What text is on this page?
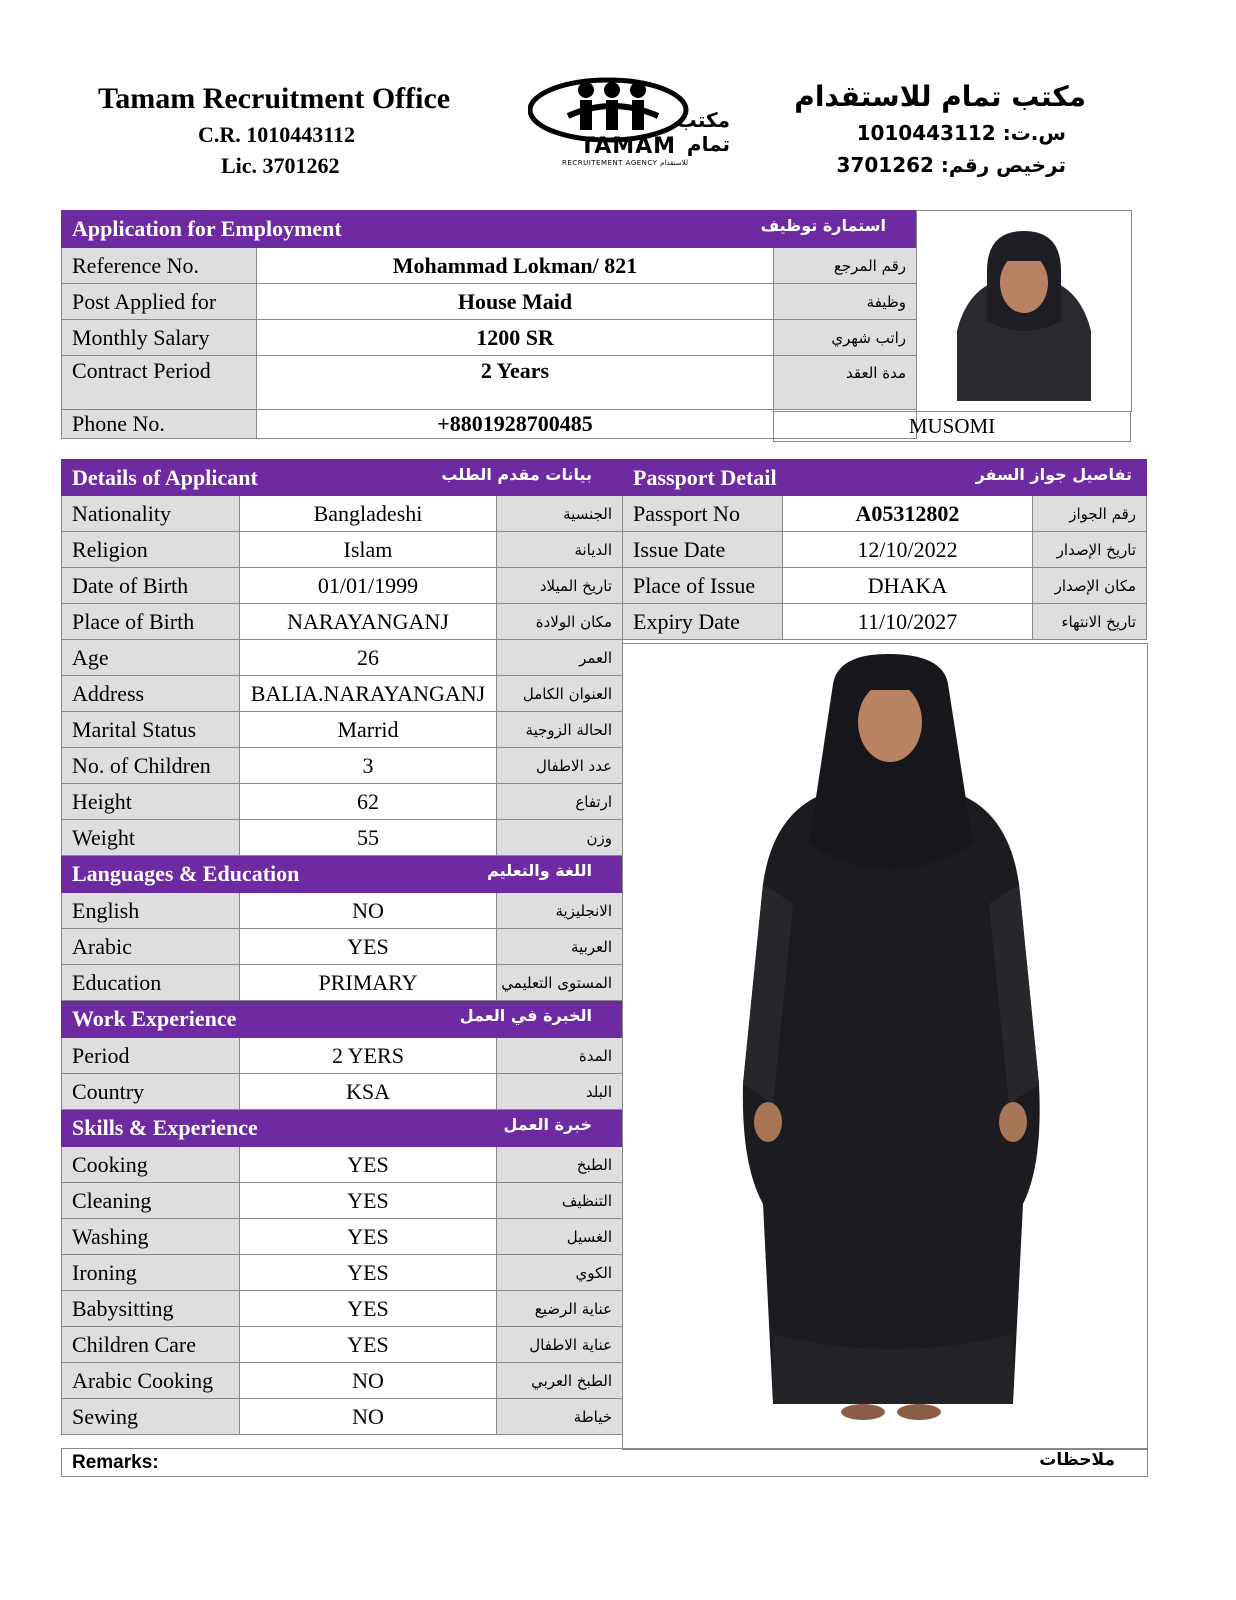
Tamam Recruitment Office
C.R. 1010443112
Lic. 3701262
مكتب تمام
TAMAM
RECRUITEMENT AGENCY للاستقدام
مكتب تمام للاستقدام
س.ت: 1010443112
ترخيص رقم: 3701262
Application for Employment استمارة توظيف		

Reference No.	Mohammad Lokman/ 821	رقم المرجع
Post Applied for	House Maid	وظيفة
Monthly Salary	1200 SR	راتب شهري
Contract Period	2 Years	مدة العقد
Phone No.	+8801928700485		MUSOMI
Details of Applicant بيانات مقدم الطلب		

Nationality	Bangladeshi	الجنسية
Religion	Islam	الديانة
Date of Birth	01/01/1999	تاريخ الميلاد
Place of Birth	NARAYANGANJ	مكان الولادة
Age	26	العمر
Address	BALIA.NARAYANGANJ	العنوان الكامل
Marital Status	Marrid	الحالة الزوجية
No. of Children	3	عدد الاطفال
Height	62	ارتفاع
Weight	55	وزن
Languages & Education اللغة والتعليم		

English	NO	الانجليزية
Arabic	YES	العربية
Education	PRIMARY	المستوى التعليمي
Work Experience الخبرة في العمل		

Period	2 YERS	المدة
Country	KSA	البلد
Skills & Experience خبرة العمل		

Cooking	YES	الطبخ
Cleaning	YES	التنظيف
Washing	YES	الغسيل
Ironing	YES	الكوي
Babysitting	YES	عناية الرضيع
Children Care	YES	عناية الاطفال
Arabic Cooking	NO	الطبخ العربي
Sewing	NO	خياطة
Passport Detail تفاصيل جواز السفر		

Passport No	A05312802	رقم الجواز
Issue Date	12/10/2022	تاريخ الإصدار
Place of Issue	DHAKA	مكان الإصدار
Expiry Date	11/10/2027	تاريخ الانتهاء
Remarks:	ملاحظات
